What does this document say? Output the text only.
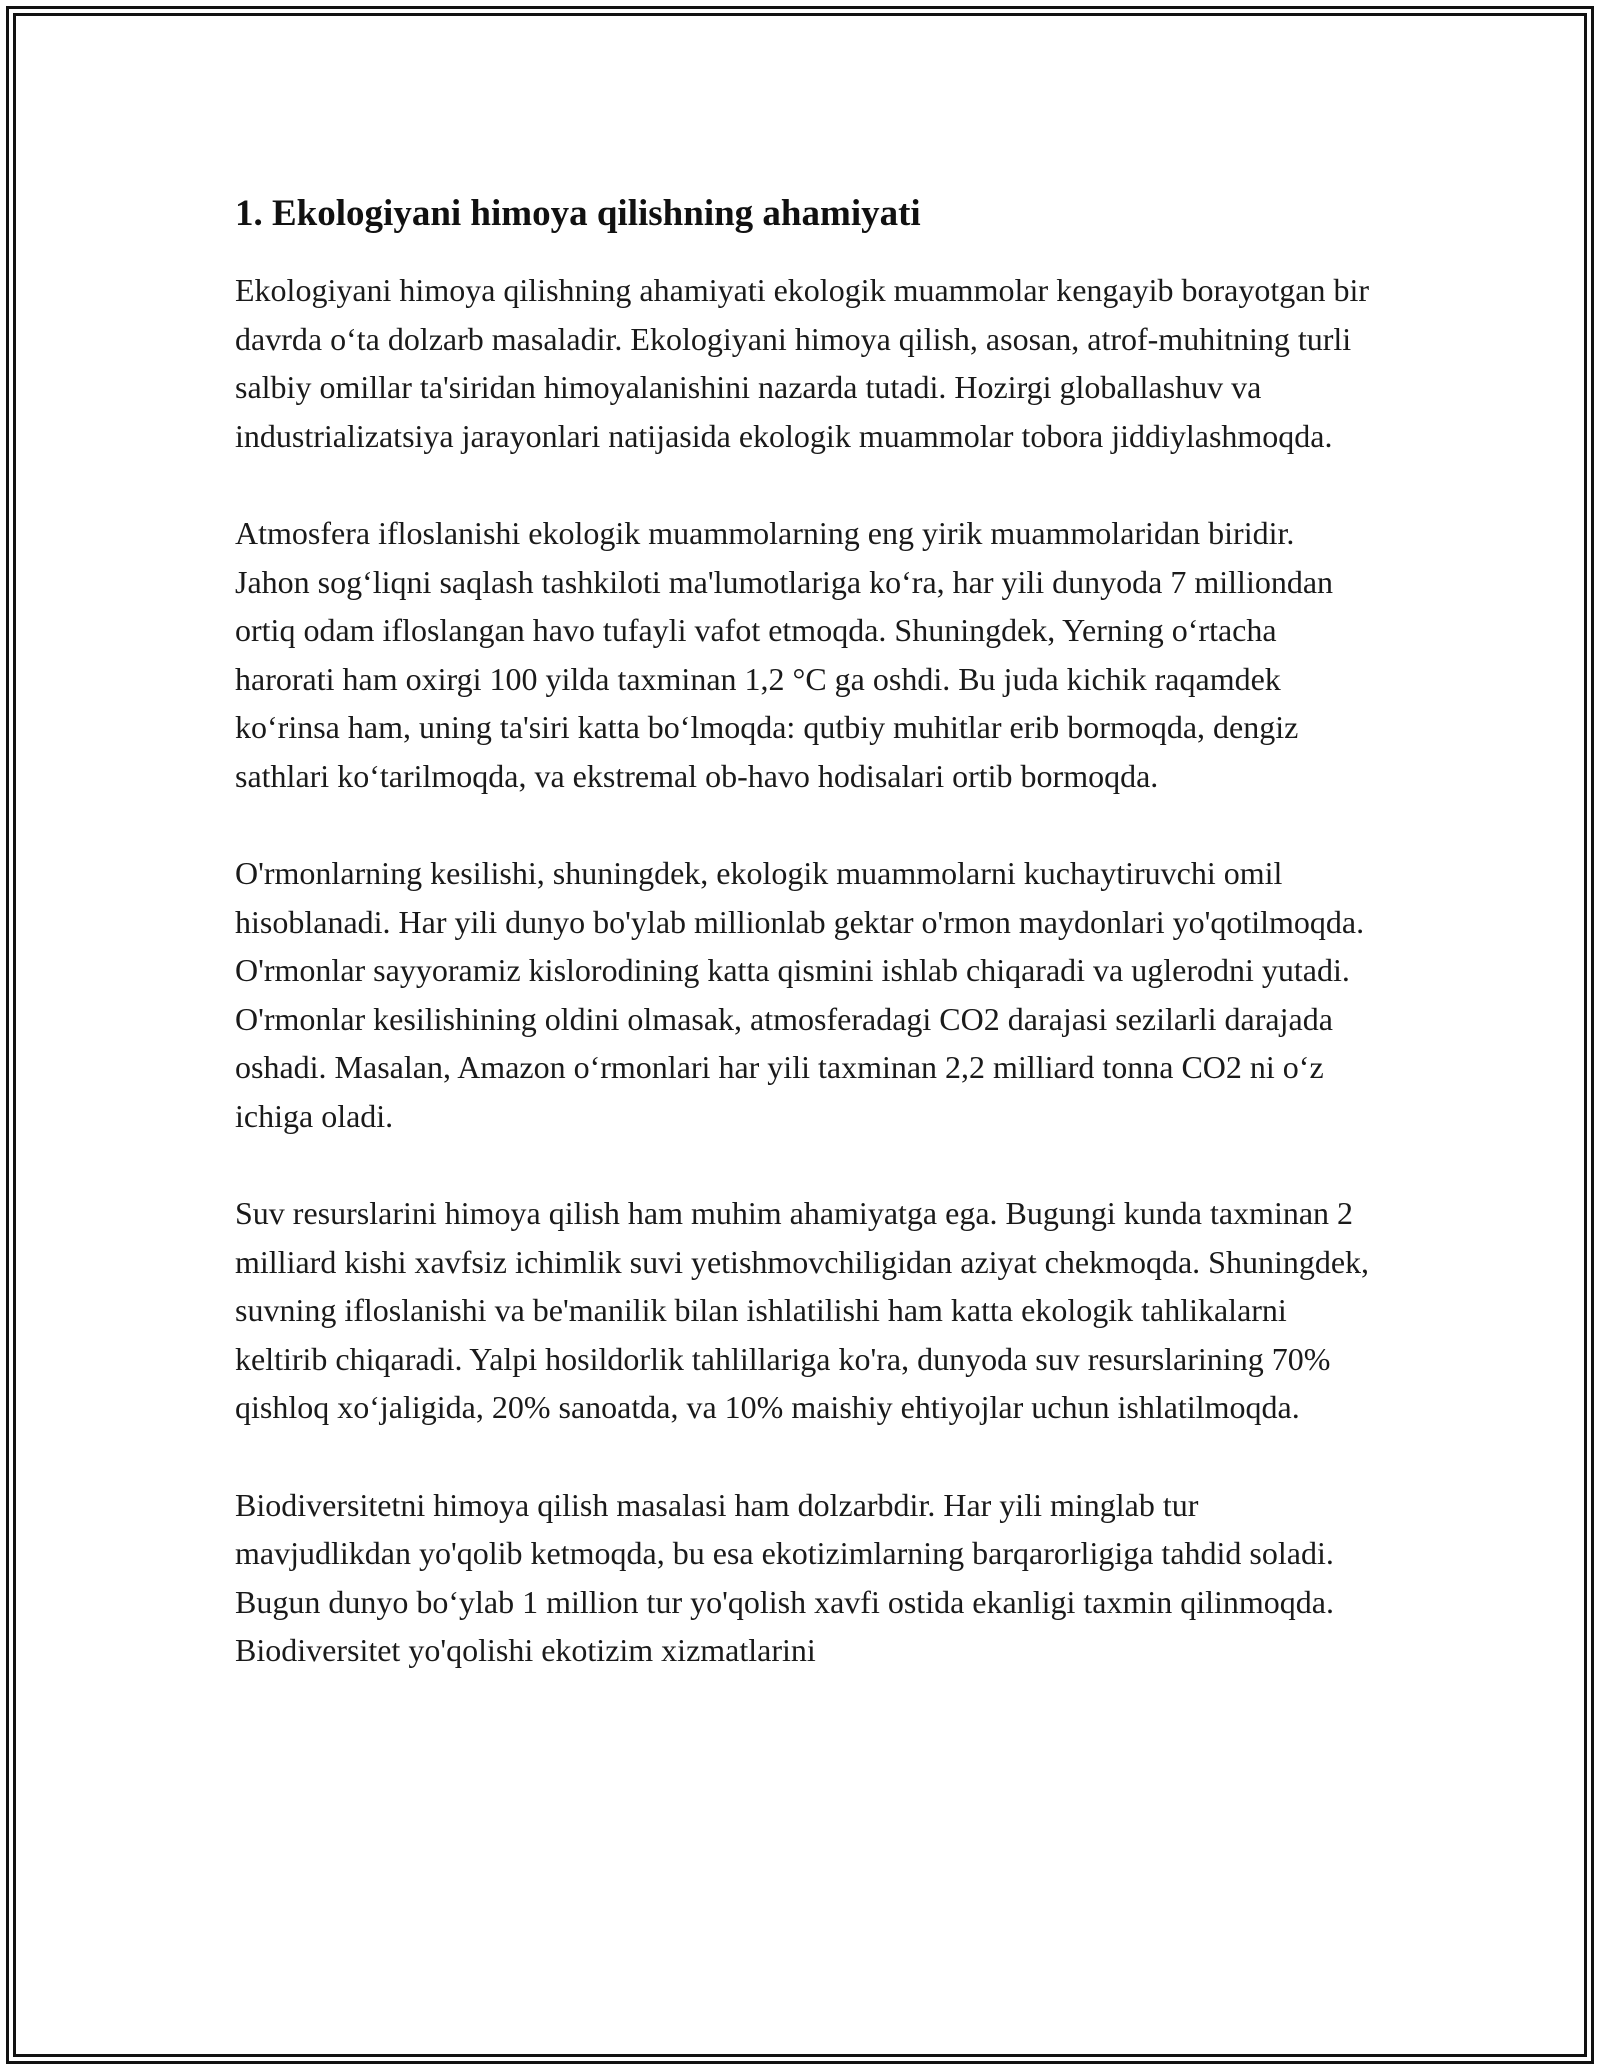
1. Ekologiyani himoya qilishning ahamiyati

Ekologiyani himoya qilishning ahamiyati ekologik muammolar kengayib borayotgan bir davrda o‘ta dolzarb masaladir. Ekologiyani himoya qilish, asosan, atrof-muhitning turli salbiy omillar ta'siridan himoyalanishini nazarda tutadi. Hozirgi globallashuv va industrializatsiya jarayonlari natijasida ekologik muammolar tobora jiddiylashmoqda.

Atmosfera ifloslanishi ekologik muammolarning eng yirik muammolaridan biridir. Jahon sog‘liqni saqlash tashkiloti ma'lumotlariga ko‘ra, har yili dunyoda 7 milliondan ortiq odam ifloslangan havo tufayli vafot etmoqda. Shuningdek, Yerning o‘rtacha harorati ham oxirgi 100 yilda taxminan 1,2 °C ga oshdi. Bu juda kichik raqamdek ko‘rinsa ham, uning ta'siri katta bo‘lmoqda: qutbiy muhitlar erib bormoqda, dengiz sathlari ko‘tarilmoqda, va ekstremal ob-havo hodisalari ortib bormoqda.

O'rmonlarning kesilishi, shuningdek, ekologik muammolarni kuchaytiruvchi omil hisoblanadi. Har yili dunyo bo'ylab millionlab gektar o'rmon maydonlari yo'qotilmoqda. O'rmonlar sayyoramiz kislorodining katta qismini ishlab chiqaradi va uglerodni yutadi. O'rmonlar kesilishining oldini olmasak, atmosferadagi CO2 darajasi sezilarli darajada oshadi. Masalan, Amazon o‘rmonlari har yili taxminan 2,2 milliard tonna CO2 ni o‘z ichiga oladi.

Suv resurslarini himoya qilish ham muhim ahamiyatga ega. Bugungi kunda taxminan 2 milliard kishi xavfsiz ichimlik suvi yetishmovchiligidan aziyat chekmoqda. Shuningdek, suvning ifloslanishi va be'manilik bilan ishlatilishi ham katta ekologik tahlikalarni keltirib chiqaradi. Yalpi hosildorlik tahlillariga ko'ra, dunyoda suv resurslarining 70% qishloq xo‘jaligida, 20% sanoatda, va 10% maishiy ehtiyojlar uchun ishlatilmoqda.

Biodiversitetni himoya qilish masalasi ham dolzarbdir. Har yili minglab tur mavjudlikdan yo'qolib ketmoqda, bu esa ekotizimlarning barqarorligiga tahdid soladi. Bugun dunyo bo‘ylab 1 million tur yo'qolish xavfi ostida ekanligi taxmin qilinmoqda. Biodiversitet yo'qolishi ekotizim xizmatlarini
